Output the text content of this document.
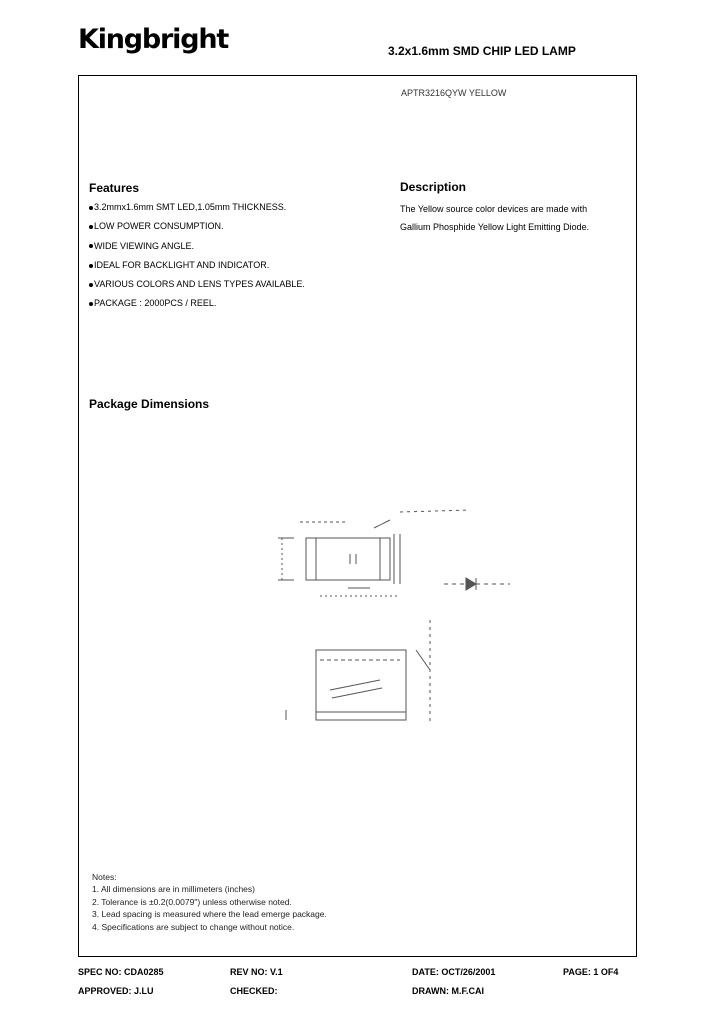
Kingbright	3.2x1.6mm SMD CHIP LED LAMP
APTR3216QYW YELLOW
Features
3.2mmx1.6mm SMT LED,1.05mm THICKNESS.
LOW POWER CONSUMPTION.
WIDE VIEWING ANGLE.
IDEAL FOR BACKLIGHT AND INDICATOR.
VARIOUS COLORS AND LENS TYPES AVAILABLE.
PACKAGE : 2000PCS / REEL.
Description
The Yellow source color devices are made with
Gallium Phosphide Yellow Light Emitting Diode.
Package Dimensions
Notes:
1. All dimensions are in millimeters (inches)
2. Tolerance is ±0.2(0.0079") unless otherwise noted.
3. Lead spacing is measured where the lead emerge package.
4. Specifications are subject to change without notice.
SPEC NO: CDA0285	REV NO: V.1	DATE: OCT/26/2001	PAGE: 1 OF4
APPROVED: J.LU	CHECKED:	DRAWN: M.F.CAI
